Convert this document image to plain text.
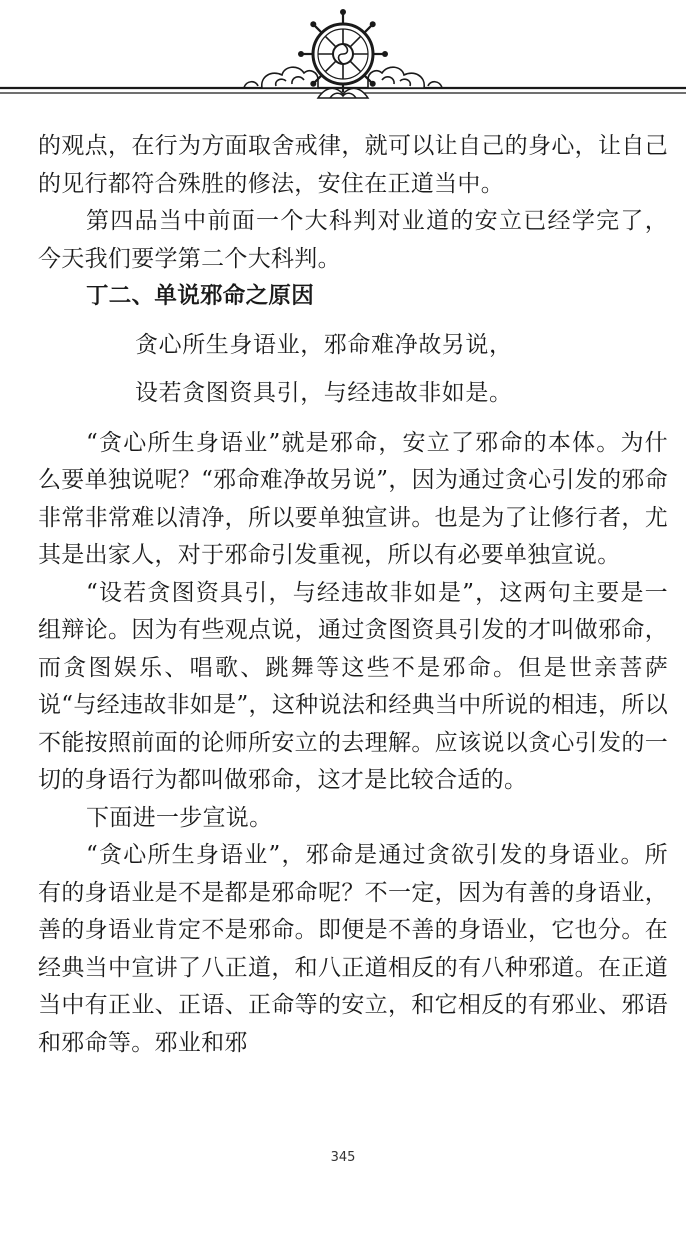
的观点，在行为方面取舍戒律，就可以让自己的身心，让自己的见行都符合殊胜的修法，安住在正道当中。

第四品当中前面一个大科判对业道的安立已经学完了，今天我们要学第二个大科判。

丁二、单说邪命之原因

贪心所生身语业，邪命难净故另说，

设若贪图资具引，与经违故非如是。

“贪心所生身语业”就是邪命，安立了邪命的本体。为什么要单独说呢？“邪命难净故另说”，因为通过贪心引发的邪命非常非常难以清净，所以要单独宣讲。也是为了让修行者，尤其是出家人，对于邪命引发重视，所以有必要单独宣说。

“设若贪图资具引，与经违故非如是”，这两句主要是一组辩论。因为有些观点说，通过贪图资具引发的才叫做邪命，而贪图娱乐、唱歌、跳舞等这些不是邪命。但是世亲菩萨说“与经违故非如是”，这种说法和经典当中所说的相违，所以不能按照前面的论师所安立的去理解。应该说以贪心引发的一切的身语行为都叫做邪命，这才是比较合适的。

下面进一步宣说。

“贪心所生身语业”，邪命是通过贪欲引发的身语业。所有的身语业是不是都是邪命呢？不一定，因为有善的身语业，善的身语业肯定不是邪命。即便是不善的身语业，它也分。在经典当中宣讲了八正道，和八正道相反的有八种邪道。在正道当中有正业、正语、正命等的安立，和它相反的有邪业、邪语和邪命等。邪业和邪

345
